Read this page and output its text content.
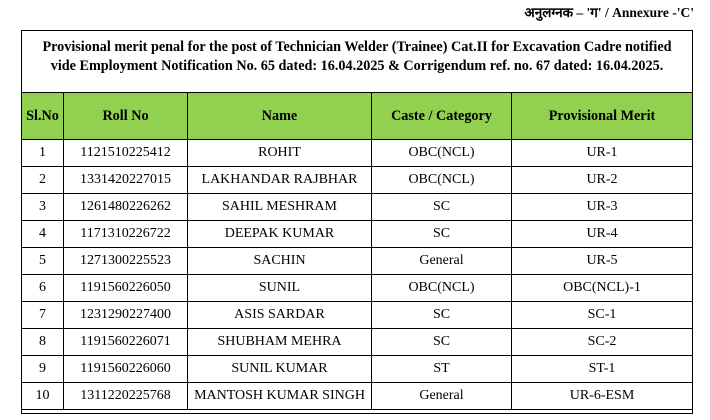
अनुलग्नक – 'ग' / Annexure -'C'
Provisional merit penal for the post of Technician Welder (Trainee) Cat.II for Excavation Cadre notified
vide Employment Notification No. 65 dated: 16.04.2025 & Corrigendum ref. no. 67 dated: 16.04.2025.
Sl.No	Roll No	Name	Caste / Category	Provisional Merit
1	1121510225412	ROHIT	OBC(NCL)	UR-1
2	1331420227015	LAKHANDAR RAJBHAR	OBC(NCL)	UR-2
3	1261480226262	SAHIL MESHRAM	SC	UR-3
4	1171310226722	DEEPAK KUMAR	SC	UR-4
5	1271300225523	SACHIN	General	UR-5
6	1191560226050	SUNIL	OBC(NCL)	OBC(NCL)-1
7	1231290227400	ASIS SARDAR	SC	SC-1
8	1191560226071	SHUBHAM MEHRA	SC	SC-2
9	1191560226060	SUNIL KUMAR	ST	ST-1
10	1311220225768	MANTOSH KUMAR SINGH	General	UR-6-ESM
